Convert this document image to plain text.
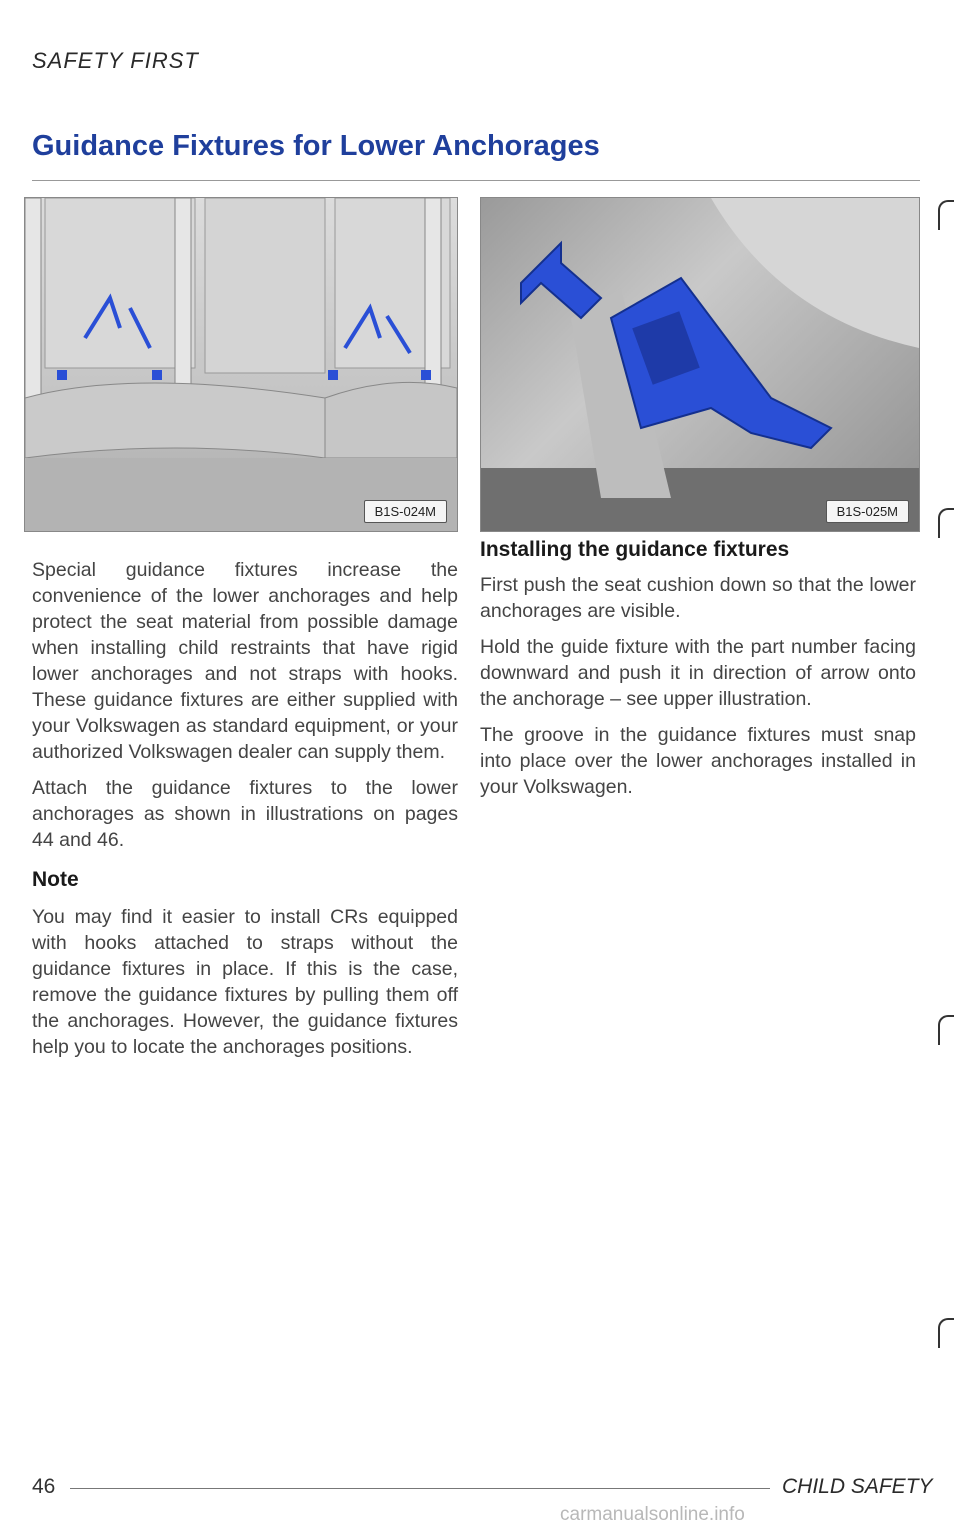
SAFETY FIRST
Guidance Fixtures for Lower Anchorages
B1S-024M	B1S-025M

Special guidance fixtures increase the convenience of the lower anchorages and help protect the seat material from possible damage when installing child restraints that have rigid lower anchorages and not straps with hooks. These guidance fixtures are either supplied with your Volkswagen as standard equipment, or your authorized Volkswagen dealer can supply them.

Attach the guidance fixtures to the lower anchorages as shown in illustrations on pages 44 and 46.

Note

You may find it easier to install CRs equipped with hooks attached to straps without the guidance fixtures in place. If this is the case, remove the guidance fixtures by pulling them off the anchorages. However, the guidance fixtures help you to locate the anchorages positions.

Installing the guidance fixtures

First push the seat cushion down so that the lower anchorages are visible.

Hold the guide fixture with the part number facing downward and push it in direction of arrow onto the anchorage – see upper illustration.

The groove in the guidance fixtures must snap into place over the lower anchorages installed in your Volkswagen.

46	CHILD SAFETY
carmanualsonline.info
